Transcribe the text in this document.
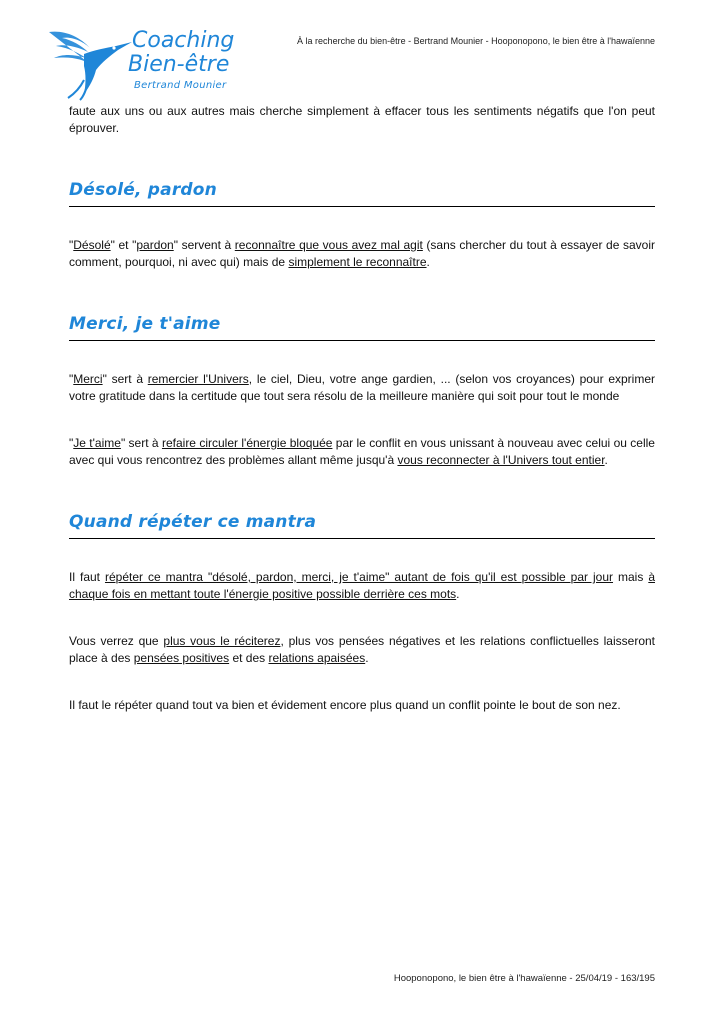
Coaching
Bien-être
Bertrand Mounier
À la recherche du bien-être - Bertrand Mounier - Hooponopono, le bien être à l'hawaïenne

faute aux uns ou aux autres mais cherche simplement à effacer tous les sentiments négatifs que l'on peut éprouver.

Désolé, pardon

"Désolé" et "pardon" servent à reconnaître que vous avez mal agit (sans chercher du tout à essayer de savoir comment, pourquoi, ni avec qui) mais de simplement le reconnaître.

Merci, je t'aime

"Merci" sert à remercier l'Univers, le ciel, Dieu, votre ange gardien, ... (selon vos croyances) pour exprimer votre gratitude dans la certitude que tout sera résolu de la meilleure manière qui soit pour tout le monde

"Je t'aime" sert à refaire circuler l'énergie bloquée par le conflit en vous unissant à nouveau avec celui ou celle avec qui vous rencontrez des problèmes allant même jusqu'à vous reconnecter à l'Univers tout entier.

Quand répéter ce mantra

Il faut répéter ce mantra "désolé, pardon, merci, je t'aime" autant de fois qu'il est possible par jour mais à chaque fois en mettant toute l'énergie positive possible derrière ces mots.

Vous verrez que plus vous le réciterez, plus vos pensées négatives et les relations conflictuelles laisseront place à des pensées positives et des relations apaisées.

Il faut le répéter quand tout va bien et évidement encore plus quand un conflit pointe le bout de son nez.

Hooponopono, le bien être à l'hawaïenne - 25/04/19 - 163/195
